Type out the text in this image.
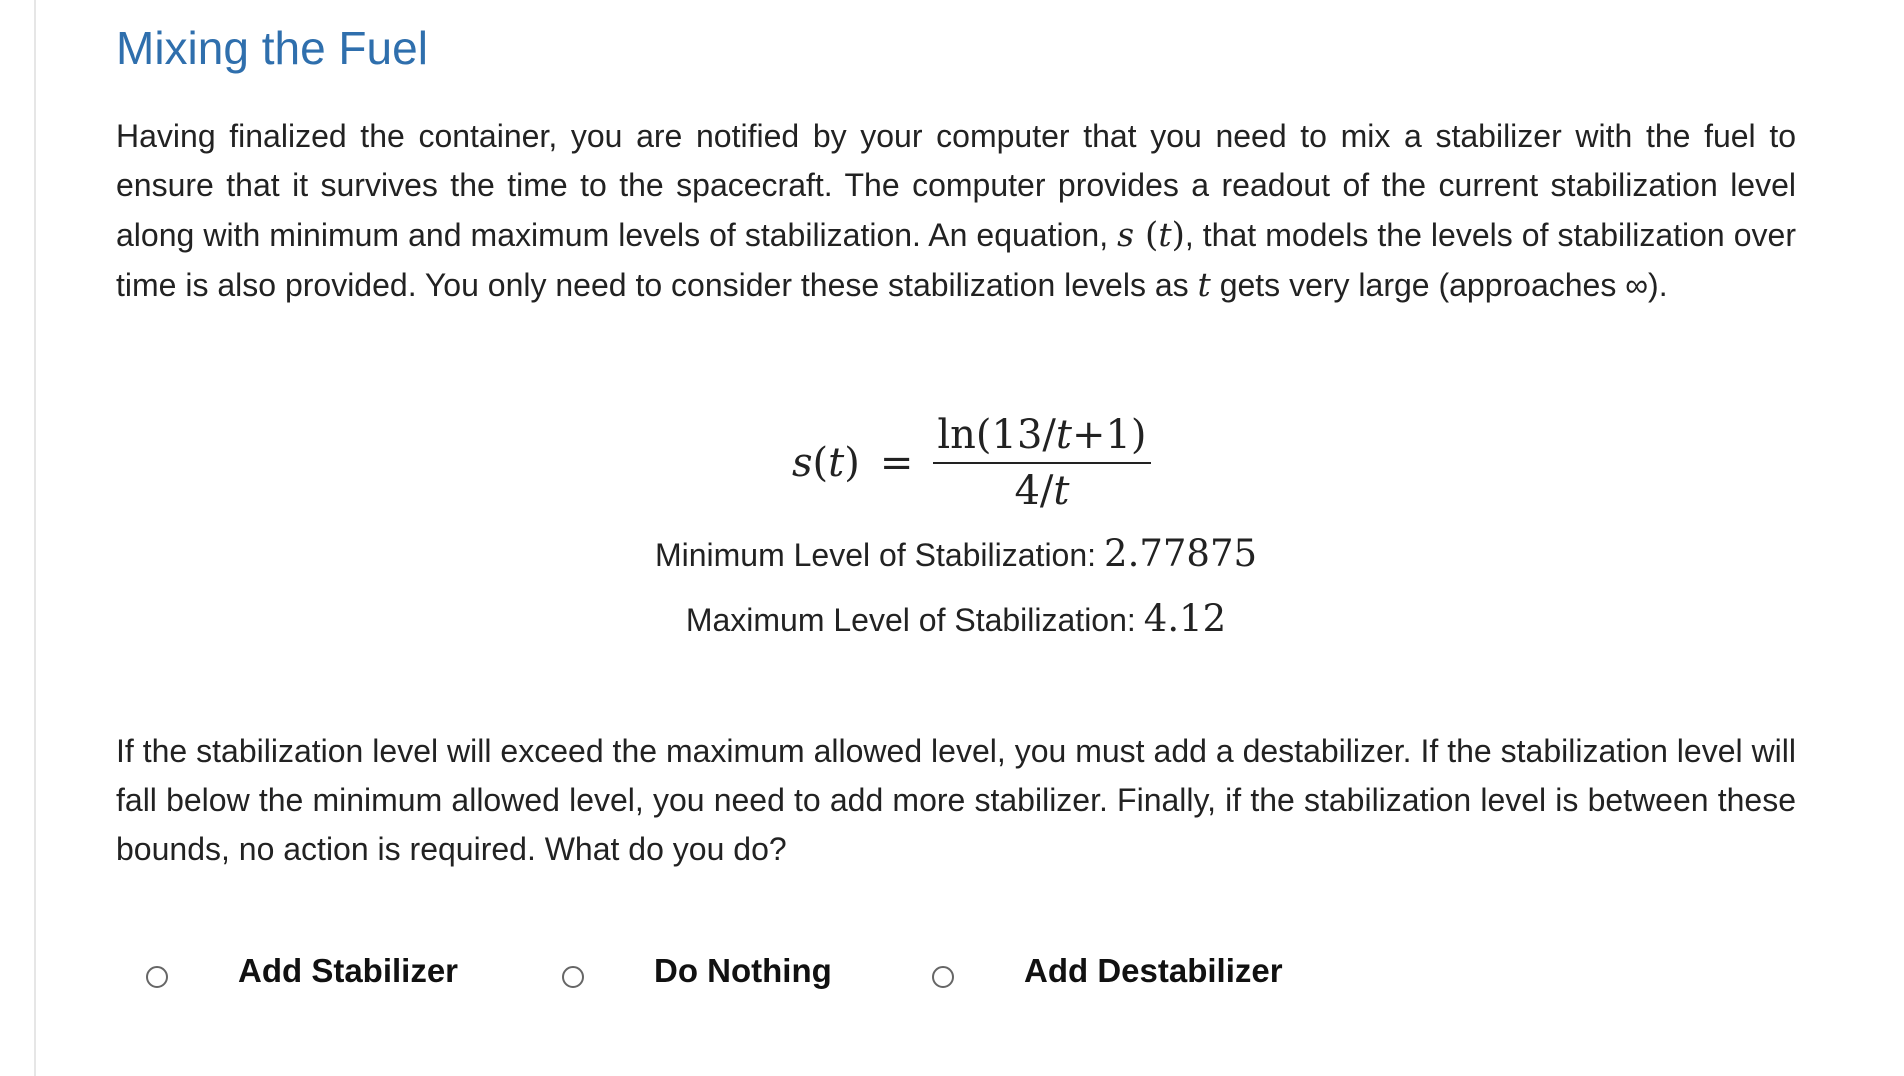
Mixing the Fuel

Having finalized the container, you are notified by your computer that you need to mix a stabilizer with the fuel to ensure that it survives the time to the spacecraft. The computer provides a readout of the current stabilization level along with minimum and maximum levels of stabilization. An equation, s (t), that models the levels of stabilization over time is also provided. You only need to consider these stabilization levels as t gets very large (approaches ∞).

$s(t) = \frac{\ln(13/t+1)}{4/t}$
Minimum Level of Stabilization: 2.77875
Maximum Level of Stabilization: 4.12

If the stabilization level will exceed the maximum allowed level, you must add a destabilizer. If the stabilization level will fall below the minimum allowed level, you need to add more stabilizer. Finally, if the stabilization level is between these bounds, no action is required. What do you do?

Add Stabilizer	Do Nothing	Add Destabilizer
